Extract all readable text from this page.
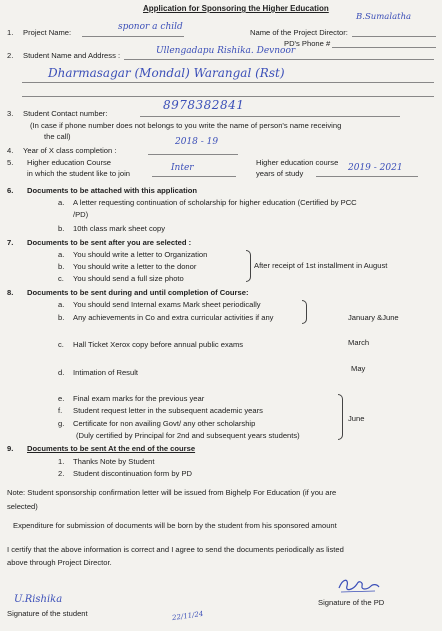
Application for Sponsoring the Higher Education
1. Project Name:
sponor a child
Name of the Project Director:
B.Sumalatha
PD's Phone #
2. Student Name and Address :	Ullengadapu Rishika. Devnoor
Dharmasagar (Mondal) Warangal (Rst)
3. Student Contact number:
8978382841
(In case if phone number does not belongs to you write the name of person's name receiving
the call)
4. Year of X class completion :
2018 - 19
5. Higher education Course
in which the student like to join
Inter
Higher education course
years of study
2019 - 2021
6. Documents to be attached with this application
a. A letter requesting continuation of scholarship for higher education (Certified by PCC
/PD)
b. 10th class mark sheet copy
7. Documents to be sent after you are selected :
a. You should write a letter to Organization
b. You should write a letter to the donor
c. You should send a full size photo
After receipt of 1st installment in August
8. Documents to be sent during and until completion of Course:
a. You should send Internal exams Mark sheet periodically
b. Any achievements in Co and extra curricular activities if any	January &June
c. Hall Ticket Xerox copy before annual public exams	March
d. Intimation of Result	May
e. Final exam marks for the previous year
f. Student request letter in the subsequent academic years
g. Certificate for non availing Govt/ any other scholarship
(Duly certified by Principal for 2nd and subsequent years students)
June
9. Documents to be sent At the end of the course
1. Thanks Note by Student
2. Student discontinuation form by PD
Note: Student sponsorship confirmation letter will be issued from Bighelp For Education (if you are
selected)
Expenditure for submission of documents will be born by the student from his sponsored amount
I certify that the above information is correct and I agree to send the documents periodically as listed
above through Project Director.
U.Rishika
Signature of the student	22/11/24
Signature of the PD
